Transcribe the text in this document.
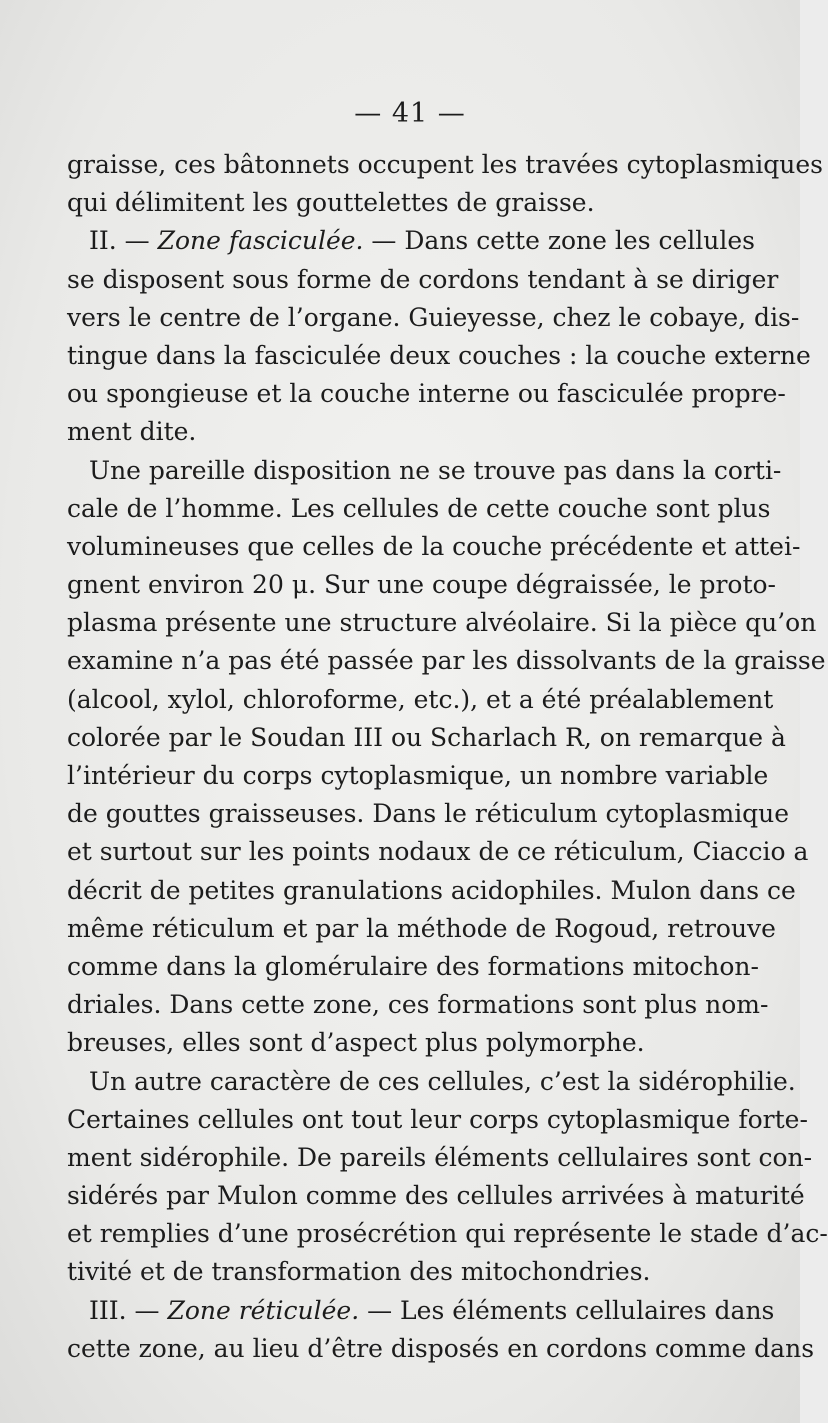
— 41 —
graisse, ces bâtonnets occupent les travées cytoplasmiques
qui délimitent les gouttelettes de graisse.
II. — Zone fasciculée. — Dans cette zone les cellules
se disposent sous forme de cordons tendant à se diriger
vers le centre de l’organe. Guieyesse, chez le cobaye, dis-
tingue dans la fasciculée deux couches : la couche externe
ou spongieuse et la couche interne ou fasciculée propre-
ment dite.
Une pareille disposition ne se trouve pas dans la corti-
cale de l’homme. Les cellules de cette couche sont plus
volumineuses que celles de la couche précédente et attei-
gnent environ 20 μ. Sur une coupe dégraissée, le proto-
plasma présente une structure alvéolaire. Si la pièce qu’on
examine n’a pas été passée par les dissolvants de la graisse
(alcool, xylol, chloroforme, etc.), et a été préalablement
colorée par le Soudan III ou Scharlach R, on remarque à
l’intérieur du corps cytoplasmique, un nombre variable
de gouttes graisseuses. Dans le réticulum cytoplasmique
et surtout sur les points nodaux de ce réticulum, Ciaccio a
décrit de petites granulations acidophiles. Mulon dans ce
même réticulum et par la méthode de Rogoud, retrouve
comme dans la glomérulaire des formations mitochon-
driales. Dans cette zone, ces formations sont plus nom-
breuses, elles sont d’aspect plus polymorphe.
Un autre caractère de ces cellules, c’est la sidérophilie.
Certaines cellules ont tout leur corps cytoplasmique forte-
ment sidérophile. De pareils éléments cellulaires sont con-
sidérés par Mulon comme des cellules arrivées à maturité
et remplies d’une prosécrétion qui représente le stade d’ac-
tivité et de transformation des mitochondries.
III. — Zone réticulée. — Les éléments cellulaires dans
cette zone, au lieu d’être disposés en cordons comme dans
